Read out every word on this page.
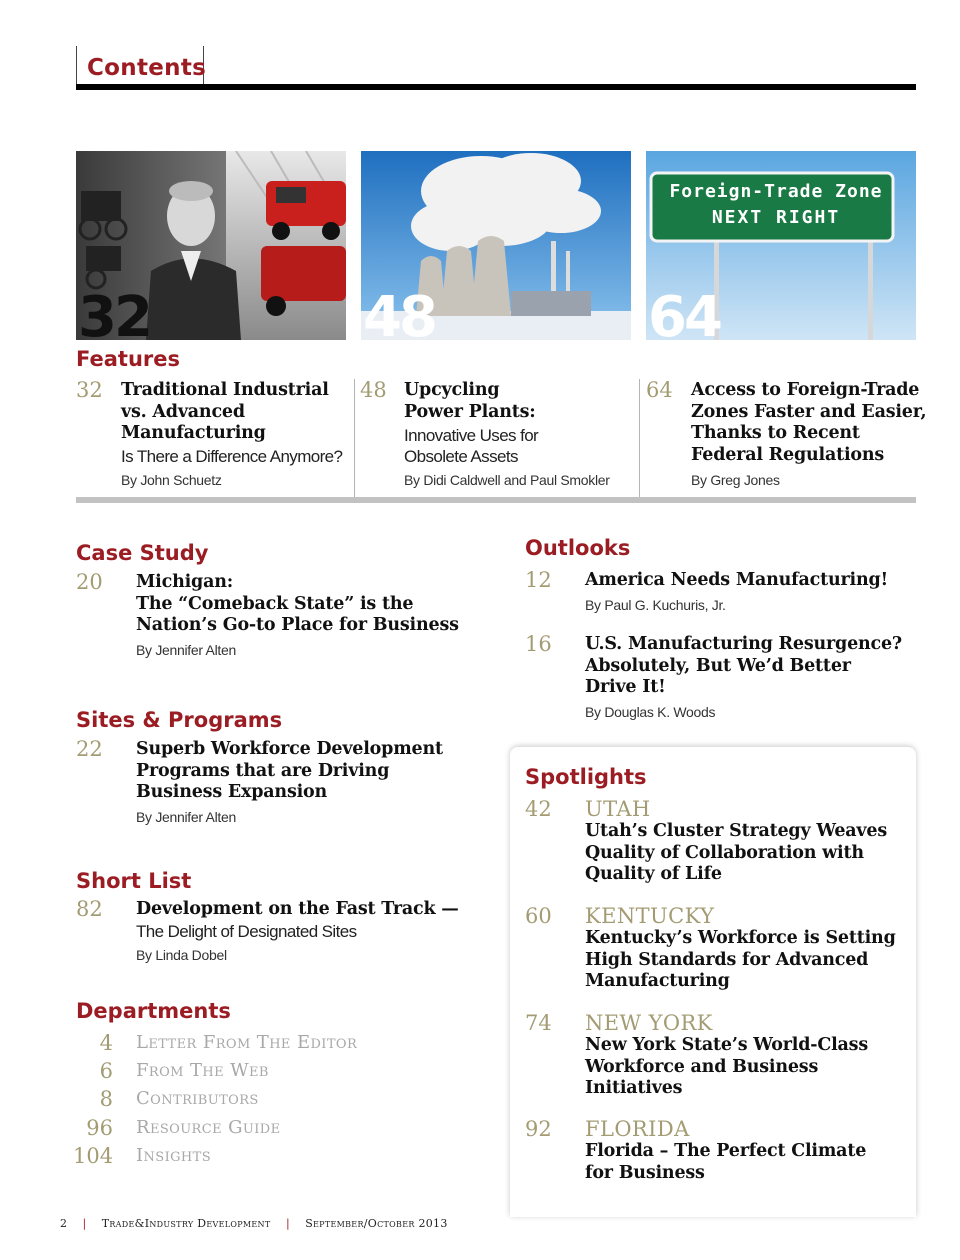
Contents
32	48
Foreign-Trade Zone
NEXT RIGHT
64
Features
32 Traditional Industrial
vs. Advanced
Manufacturing
Is There a Difference Anymore?
By John Schuetz
48 Upcycling
Power Plants:
Innovative Uses for
Obsolete Assets
By Didi Caldwell and Paul Smokler
64 Access to Foreign-Trade
Zones Faster and Easier,
Thanks to Recent
Federal Regulations
By Greg Jones
Case Study
20 Michigan:
The “Comeback State” is the
Nation’s Go-to Place for Business
By Jennifer Alten
Sites & Programs
22 Superb Workforce Development
Programs that are Driving
Business Expansion
By Jennifer Alten
Short List
82 Development on the Fast Track —
The Delight of Designated Sites
By Linda Dobel
Departments
4 Letter From The Editor
6 From The Web
8 Contributors
96 Resource Guide
104 Insights
Outlooks
12 America Needs Manufacturing!
By Paul G. Kuchuris, Jr.
16 U.S. Manufacturing Resurgence?
Absolutely, But We’d Better
Drive It!
By Douglas K. Woods
Spotlights
42 UTAH
Utah’s Cluster Strategy Weaves
Quality of Collaboration with
Quality of Life
60 KENTUCKY
Kentucky’s Workforce is Setting
High Standards for Advanced
Manufacturing
74 NEW YORK
New York State’s World-Class
Workforce and Business
Initiatives
92 FLORIDA
Florida – The Perfect Climate
for Business
2 | Trade&Industry Development | September/October 2013
